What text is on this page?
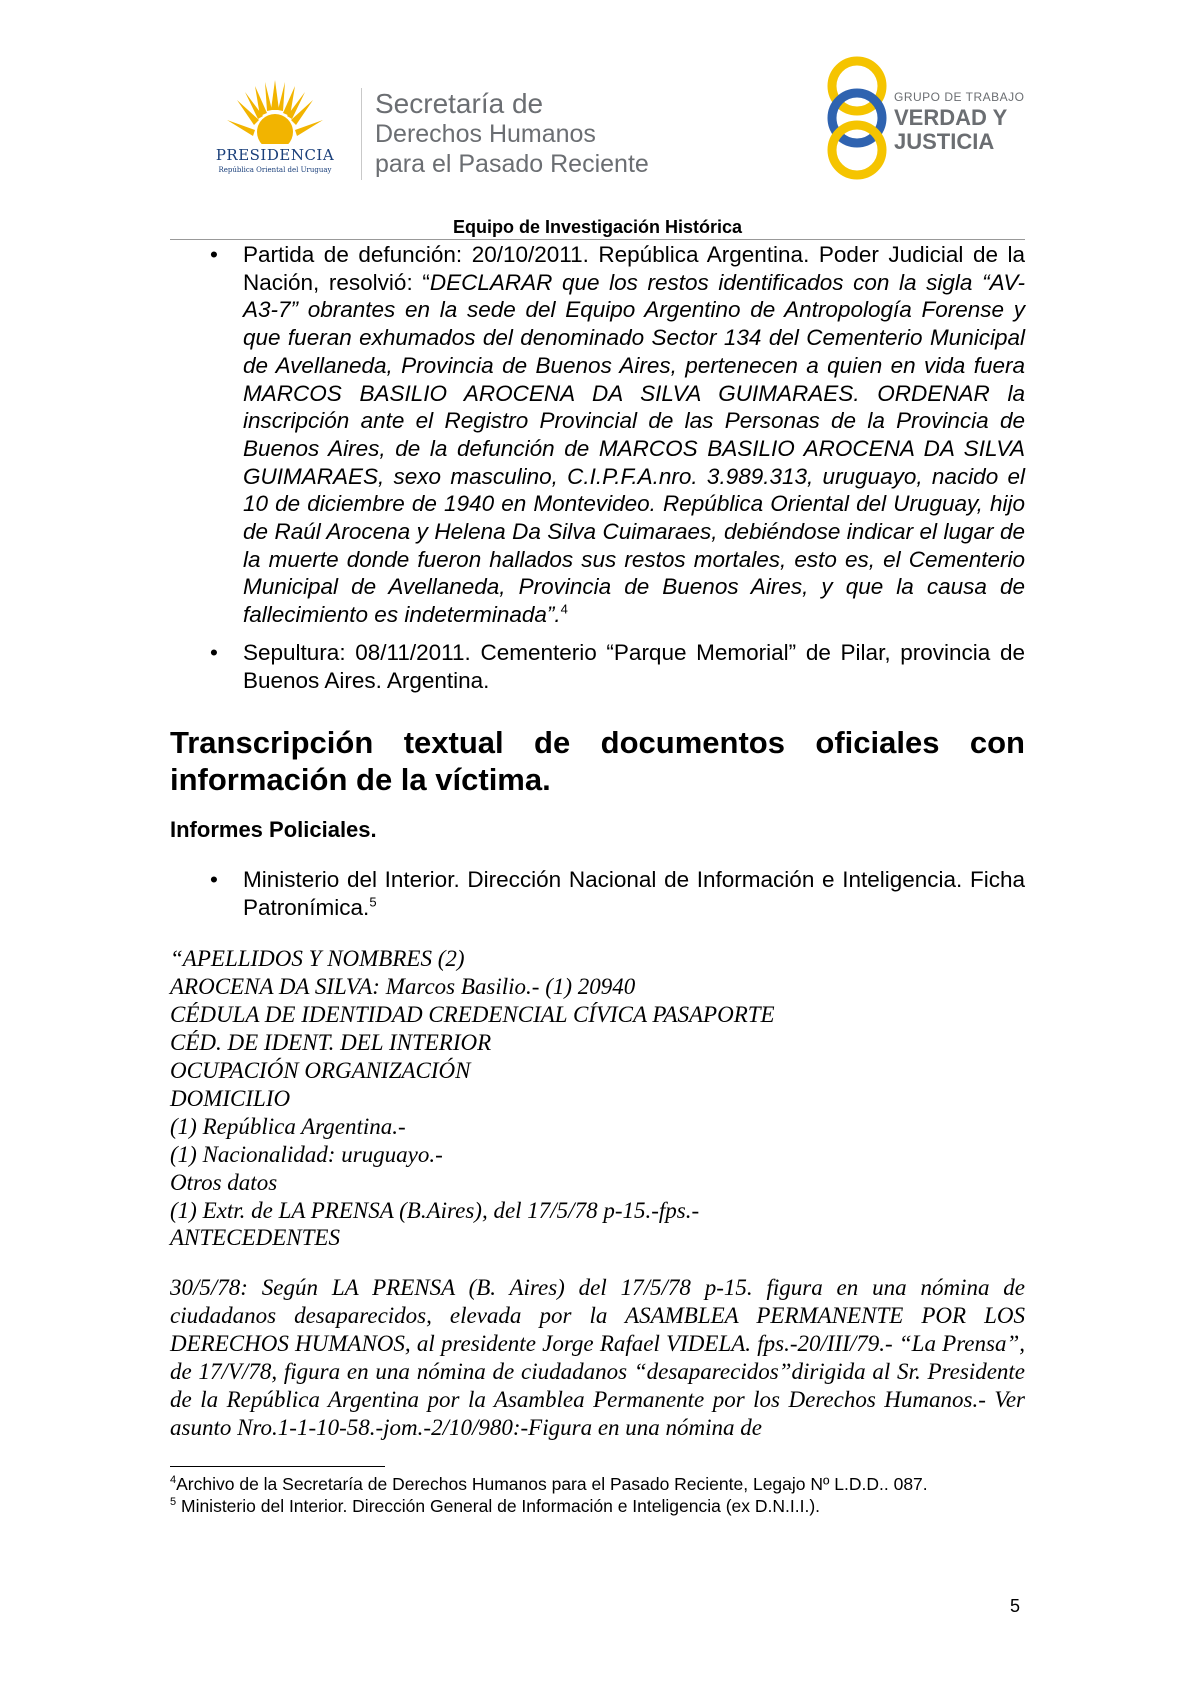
PRESIDENCIA
República Oriental del Uruguay
Secretaría de
Derechos Humanos
para el Pasado Reciente
GRUPO DE TRABAJO
VERDAD Y
JUSTICIA
Equipo de Investigación Histórica
• Partida de defunción: 20/10/2011. República Argentina. Poder Judicial de la Nación, resolvió: “DECLARAR que los restos identificados con la sigla “AV-A3-7” obrantes en la sede del Equipo Argentino de Antropología Forense y que fueran exhumados del denominado Sector 134 del Cementerio Municipal de Avellaneda, Provincia de Buenos Aires, pertenecen a quien en vida fuera MARCOS BASILIO AROCENA DA SILVA GUIMARAES. ORDENAR la inscripción ante el Registro Provincial de las Personas de la Provincia de Buenos Aires, de la defunción de MARCOS BASILIO AROCENA DA SILVA GUIMARAES, sexo masculino, C.I.P.F.A.nro. 3.989.313, uruguayo, nacido el 10 de diciembre de 1940 en Montevideo. República Oriental del Uruguay, hijo de Raúl Arocena y Helena Da Silva Cuimaraes, debiéndose indicar el lugar de la muerte donde fueron hallados sus restos mortales, esto es, el Cementerio Municipal de Avellaneda, Provincia de Buenos Aires, y que la causa de fallecimiento es indeterminada”.$^4$
• Sepultura: 08/11/2011. Cementerio “Parque Memorial” de Pilar, provincia de Buenos Aires. Argentina.
Transcripción textual de documentos oficiales con información de la víctima.
Informes Policiales.
• Ministerio del Interior. Dirección Nacional de Información e Inteligencia. Ficha Patronímica.$^5$
“APELLIDOS Y NOMBRES (2)
AROCENA DA SILVA: Marcos Basilio.- (1) 20940
CÉDULA DE IDENTIDAD CREDENCIAL CÍVICA PASAPORTE
CÉD. DE IDENT. DEL INTERIOR
OCUPACIÓN ORGANIZACIÓN
DOMICILIO
(1) República Argentina.-
(1) Nacionalidad: uruguayo.-
Otros datos
(1) Extr. de LA PRENSA (B.Aires), del 17/5/78 p-15.-fps.-
ANTECEDENTES
30/5/78: Según LA PRENSA (B. Aires) del 17/5/78 p-15. figura en una nómina de ciudadanos desaparecidos, elevada por la ASAMBLEA PERMANENTE POR LOS DERECHOS HUMANOS, al presidente Jorge Rafael VIDELA. fps.-20/III/79.- “La Prensa”, de 17/V/78, figura en una nómina de ciudadanos “desaparecidos”dirigida al Sr. Presidente de la República Argentina por la Asamblea Permanente por los Derechos Humanos.- Ver asunto Nro.1-1-10-58.-jom.-2/10/980:-Figura en una nómina de
$^4$Archivo de la Secretaría de Derechos Humanos para el Pasado Reciente, Legajo Nº L.D.D.. 087.
$^5$ Ministerio del Interior. Dirección General de Información e Inteligencia (ex D.N.I.I.).
5
